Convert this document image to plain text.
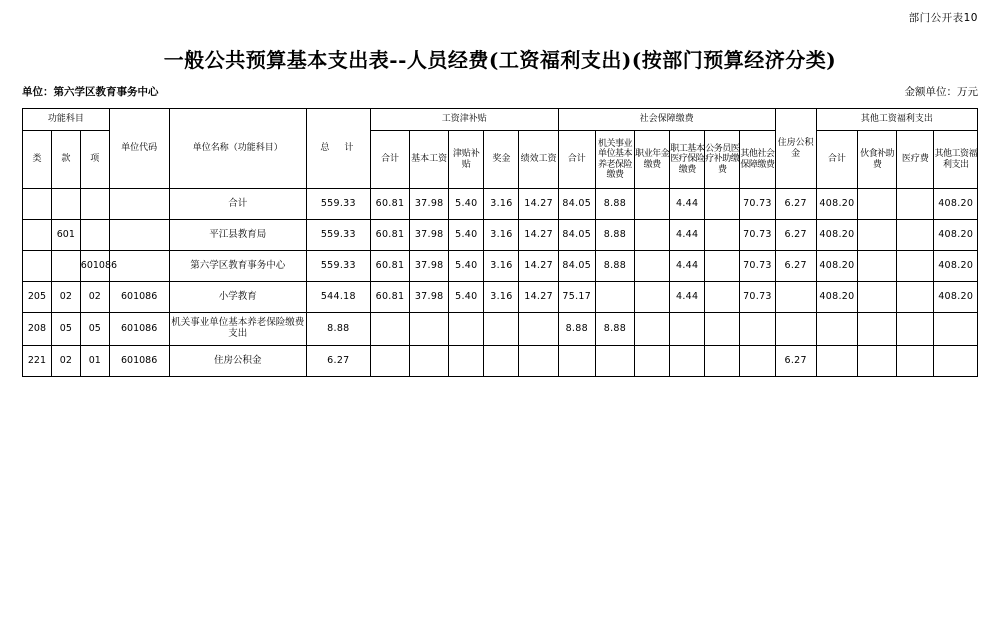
部门公开表10
一般公共预算基本支出表--人员经费(工资福利支出)(按部门预算经济分类)
单位：第六学区教育事务中心	金额单位：万元
功能科目			单位代码	单位名称（功能科目）	总　计	工资津补贴					社会保障缴费						住房公积金	其他工资福利支出			
类	款	项				合计	基本工资	津贴补贴	奖金	绩效工资	合计	机关事业单位基本养老保险缴费	职业年金缴费	职工基本医疗保险缴费	公务员医疗补助缴费	其他社会保障缴费		合计	伙食补助费	医疗费	其他工资福利支出
				合计	559.33	60.81	37.98	5.40	3.16	14.27	84.05	8.88		4.44		70.73	6.27	408.20			408.20
	601			平江县教育局	559.33	60.81	37.98	5.40	3.16	14.27	84.05	8.88		4.44		70.73	6.27	408.20			408.20
		601086		第六学区教育事务中心	559.33	60.81	37.98	5.40	3.16	14.27	84.05	8.88		4.44		70.73	6.27	408.20			408.20
205	02	02	601086	小学教育	544.18	60.81	37.98	5.40	3.16	14.27	75.17			4.44		70.73		408.20			408.20
208	05	05	601086	机关事业单位基本养老保险缴费支出	8.88						8.88	8.88									
221	02	01	601086	住房公积金	6.27												6.27				
